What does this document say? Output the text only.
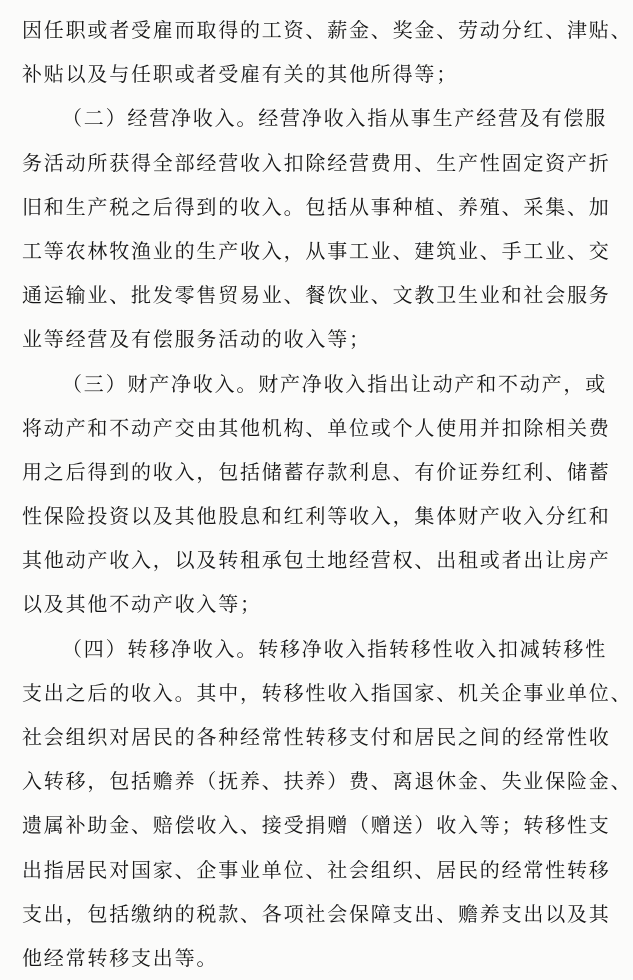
因任职或者受雇而取得的工资、薪金、奖金、劳动分红、津贴、
补贴以及与任职或者受雇有关的其他所得等；
（二）经营净收入。经营净收入指从事生产经营及有偿服
务活动所获得全部经营收入扣除经营费用、生产性固定资产折
旧和生产税之后得到的收入。包括从事种植、养殖、采集、加
工等农林牧渔业的生产收入，从事工业、建筑业、手工业、交
通运输业、批发零售贸易业、餐饮业、文教卫生业和社会服务
业等经营及有偿服务活动的收入等；
（三）财产净收入。财产净收入指出让动产和不动产，或
将动产和不动产交由其他机构、单位或个人使用并扣除相关费
用之后得到的收入，包括储蓄存款利息、有价证券红利、储蓄
性保险投资以及其他股息和红利等收入，集体财产收入分红和
其他动产收入，以及转租承包土地经营权、出租或者出让房产
以及其他不动产收入等；
（四）转移净收入。转移净收入指转移性收入扣减转移性
支出之后的收入。其中，转移性收入指国家、机关企事业单位、
社会组织对居民的各种经常性转移支付和居民之间的经常性收
入转移，包括赡养（抚养、扶养）费、离退休金、失业保险金、
遗属补助金、赔偿收入、接受捐赠（赠送）收入等；转移性支
出指居民对国家、企事业单位、社会组织、居民的经常性转移
支出，包括缴纳的税款、各项社会保障支出、赡养支出以及其
他经常转移支出等。
